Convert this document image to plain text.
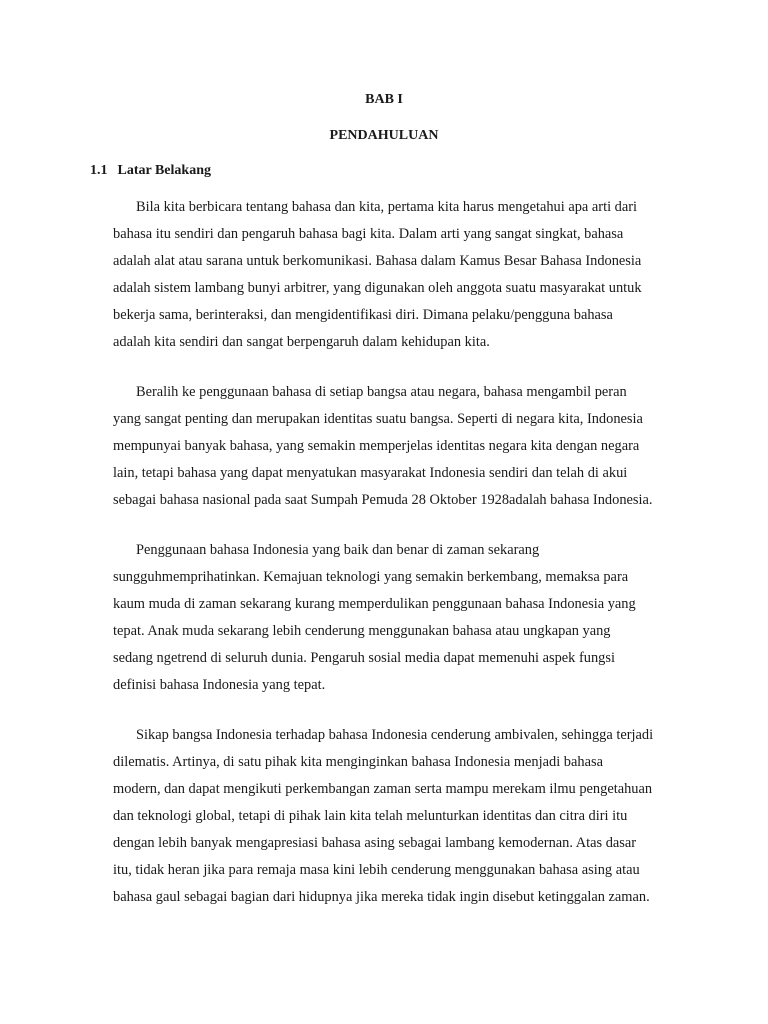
BAB I
PENDAHULUAN
1.1 Latar Belakang

Bila kita berbicara tentang bahasa dan kita, pertama kita harus mengetahui apa arti dari
bahasa itu sendiri dan pengaruh bahasa bagi kita. Dalam arti yang sangat singkat, bahasa
adalah alat atau sarana untuk berkomunikasi. Bahasa dalam Kamus Besar Bahasa Indonesia
adalah sistem lambang bunyi arbitrer, yang digunakan oleh anggota suatu masyarakat untuk
bekerja sama, berinteraksi, dan mengidentifikasi diri. Dimana pelaku/pengguna bahasa
adalah kita sendiri dan sangat berpengaruh dalam kehidupan kita.

Beralih ke penggunaan bahasa di setiap bangsa atau negara, bahasa mengambil peran
yang sangat penting dan merupakan identitas suatu bangsa. Seperti di negara kita, Indonesia
mempunyai banyak bahasa, yang semakin memperjelas identitas negara kita dengan negara
lain, tetapi bahasa yang dapat menyatukan masyarakat Indonesia sendiri dan telah di akui
sebagai bahasa nasional pada saat Sumpah Pemuda 28 Oktober 1928adalah bahasa Indonesia.

Penggunaan bahasa Indonesia yang baik dan benar di zaman sekarang
sungguhmemprihatinkan. Kemajuan teknologi yang semakin berkembang, memaksa para
kaum muda di zaman sekarang kurang memperdulikan penggunaan bahasa Indonesia yang
tepat. Anak muda sekarang lebih cenderung menggunakan bahasa atau ungkapan yang
sedang ngetrend di seluruh dunia. Pengaruh sosial media dapat memenuhi aspek fungsi
definisi bahasa Indonesia yang tepat.

Sikap bangsa Indonesia terhadap bahasa Indonesia cenderung ambivalen, sehingga terjadi
dilematis. Artinya, di satu pihak kita menginginkan bahasa Indonesia menjadi bahasa
modern, dan dapat mengikuti perkembangan zaman serta mampu merekam ilmu pengetahuan
dan teknologi global, tetapi di pihak lain kita telah melunturkan identitas dan citra diri itu
dengan lebih banyak mengapresiasi bahasa asing sebagai lambang kemodernan. Atas dasar
itu, tidak heran jika para remaja masa kini lebih cenderung menggunakan bahasa asing atau
bahasa gaul sebagai bagian dari hidupnya jika mereka tidak ingin disebut ketinggalan zaman.
